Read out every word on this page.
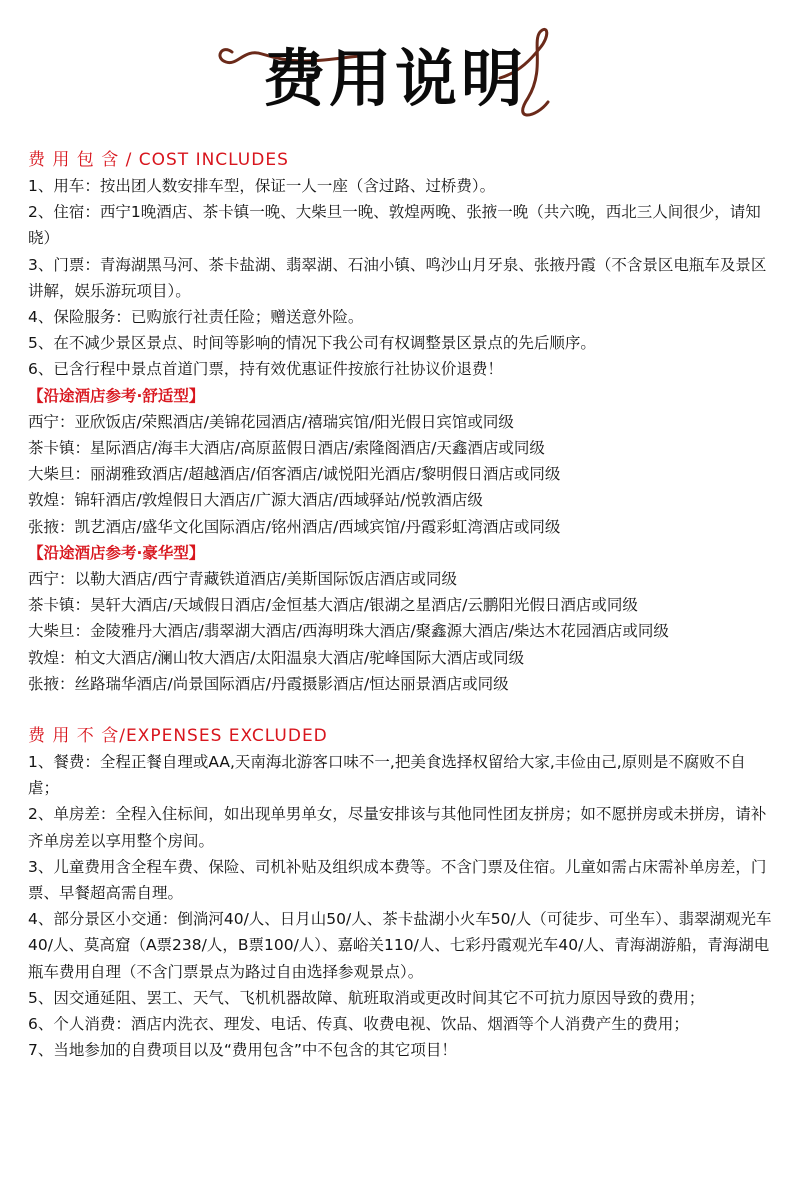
费用说明
费 用 包 含 / COST INCLUDES
1、用车：按出团人数安排车型，保证一人一座（含过路、过桥费）。
2、住宿：西宁1晚酒店、茶卡镇一晚、大柴旦一晚、敦煌两晚、张掖一晚（共六晚，西北三人间很少，请知晓）
3、门票：青海湖黑马河、茶卡盐湖、翡翠湖、石油小镇、鸣沙山月牙泉、张掖丹霞（不含景区电瓶车及景区讲解，娱乐游玩项目）。
4、保险服务：已购旅行社责任险；赠送意外险。
5、在不减少景区景点、时间等影响的情况下我公司有权调整景区景点的先后顺序。
6、已含行程中景点首道门票，持有效优惠证件按旅行社协议价退费！
【沿途酒店参考·舒适型】
西宁：亚欣饭店/荣熙酒店/美锦花园酒店/禧瑞宾馆/阳光假日宾馆或同级
茶卡镇：星际酒店/海丰大酒店/高原蓝假日酒店/索隆阁酒店/天鑫酒店或同级
大柴旦：丽湖雅致酒店/超越酒店/佰客酒店/诚悦阳光酒店/黎明假日酒店或同级
敦煌：锦轩酒店/敦煌假日大酒店/广源大酒店/西域驿站/悦敦酒店级
张掖：凯艺酒店/盛华文化国际酒店/铭州酒店/西域宾馆/丹霞彩虹湾酒店或同级
【沿途酒店参考·豪华型】
西宁：以勒大酒店/西宁青藏铁道酒店/美斯国际饭店酒店或同级
茶卡镇：昊轩大酒店/天域假日酒店/金恒基大酒店/银湖之星酒店/云鹏阳光假日酒店或同级
大柴旦：金陵雅丹大酒店/翡翠湖大酒店/西海明珠大酒店/聚鑫源大酒店/柴达木花园酒店或同级
敦煌：柏文大酒店/澜山牧大酒店/太阳温泉大酒店/驼峰国际大酒店或同级
张掖：丝路瑞华酒店/尚景国际酒店/丹霞摄影酒店/恒达丽景酒店或同级
费 用 不 含/EXPENSES EXCLUDED
1、餐费：全程正餐自理或AA,天南海北游客口味不一,把美食选择权留给大家,丰俭由己,原则是不腐败不自虐；
2、单房差：全程入住标间，如出现单男单女，尽量安排该与其他同性团友拼房；如不愿拼房或未拼房，请补齐单房差以享用整个房间。
3、儿童费用含全程车费、保险、司机补贴及组织成本费等。不含门票及住宿。儿童如需占床需补单房差，门票、早餐超高需自理。
4、部分景区小交通：倒淌河40/人、日月山50/人、茶卡盐湖小火车50/人（可徒步、可坐车）、翡翠湖观光车40/人、莫高窟（A票238/人，B票100/人）、嘉峪关110/人、七彩丹霞观光车40/人、青海湖游船，青海湖电瓶车费用自理（不含门票景点为路过自由选择参观景点）。
5、因交通延阻、罢工、天气、飞机机器故障、航班取消或更改时间其它不可抗力原因导致的费用；
6、个人消费：酒店内洗衣、理发、电话、传真、收费电视、饮品、烟酒等个人消费产生的费用；
7、当地参加的自费项目以及“费用包含”中不包含的其它项目！
